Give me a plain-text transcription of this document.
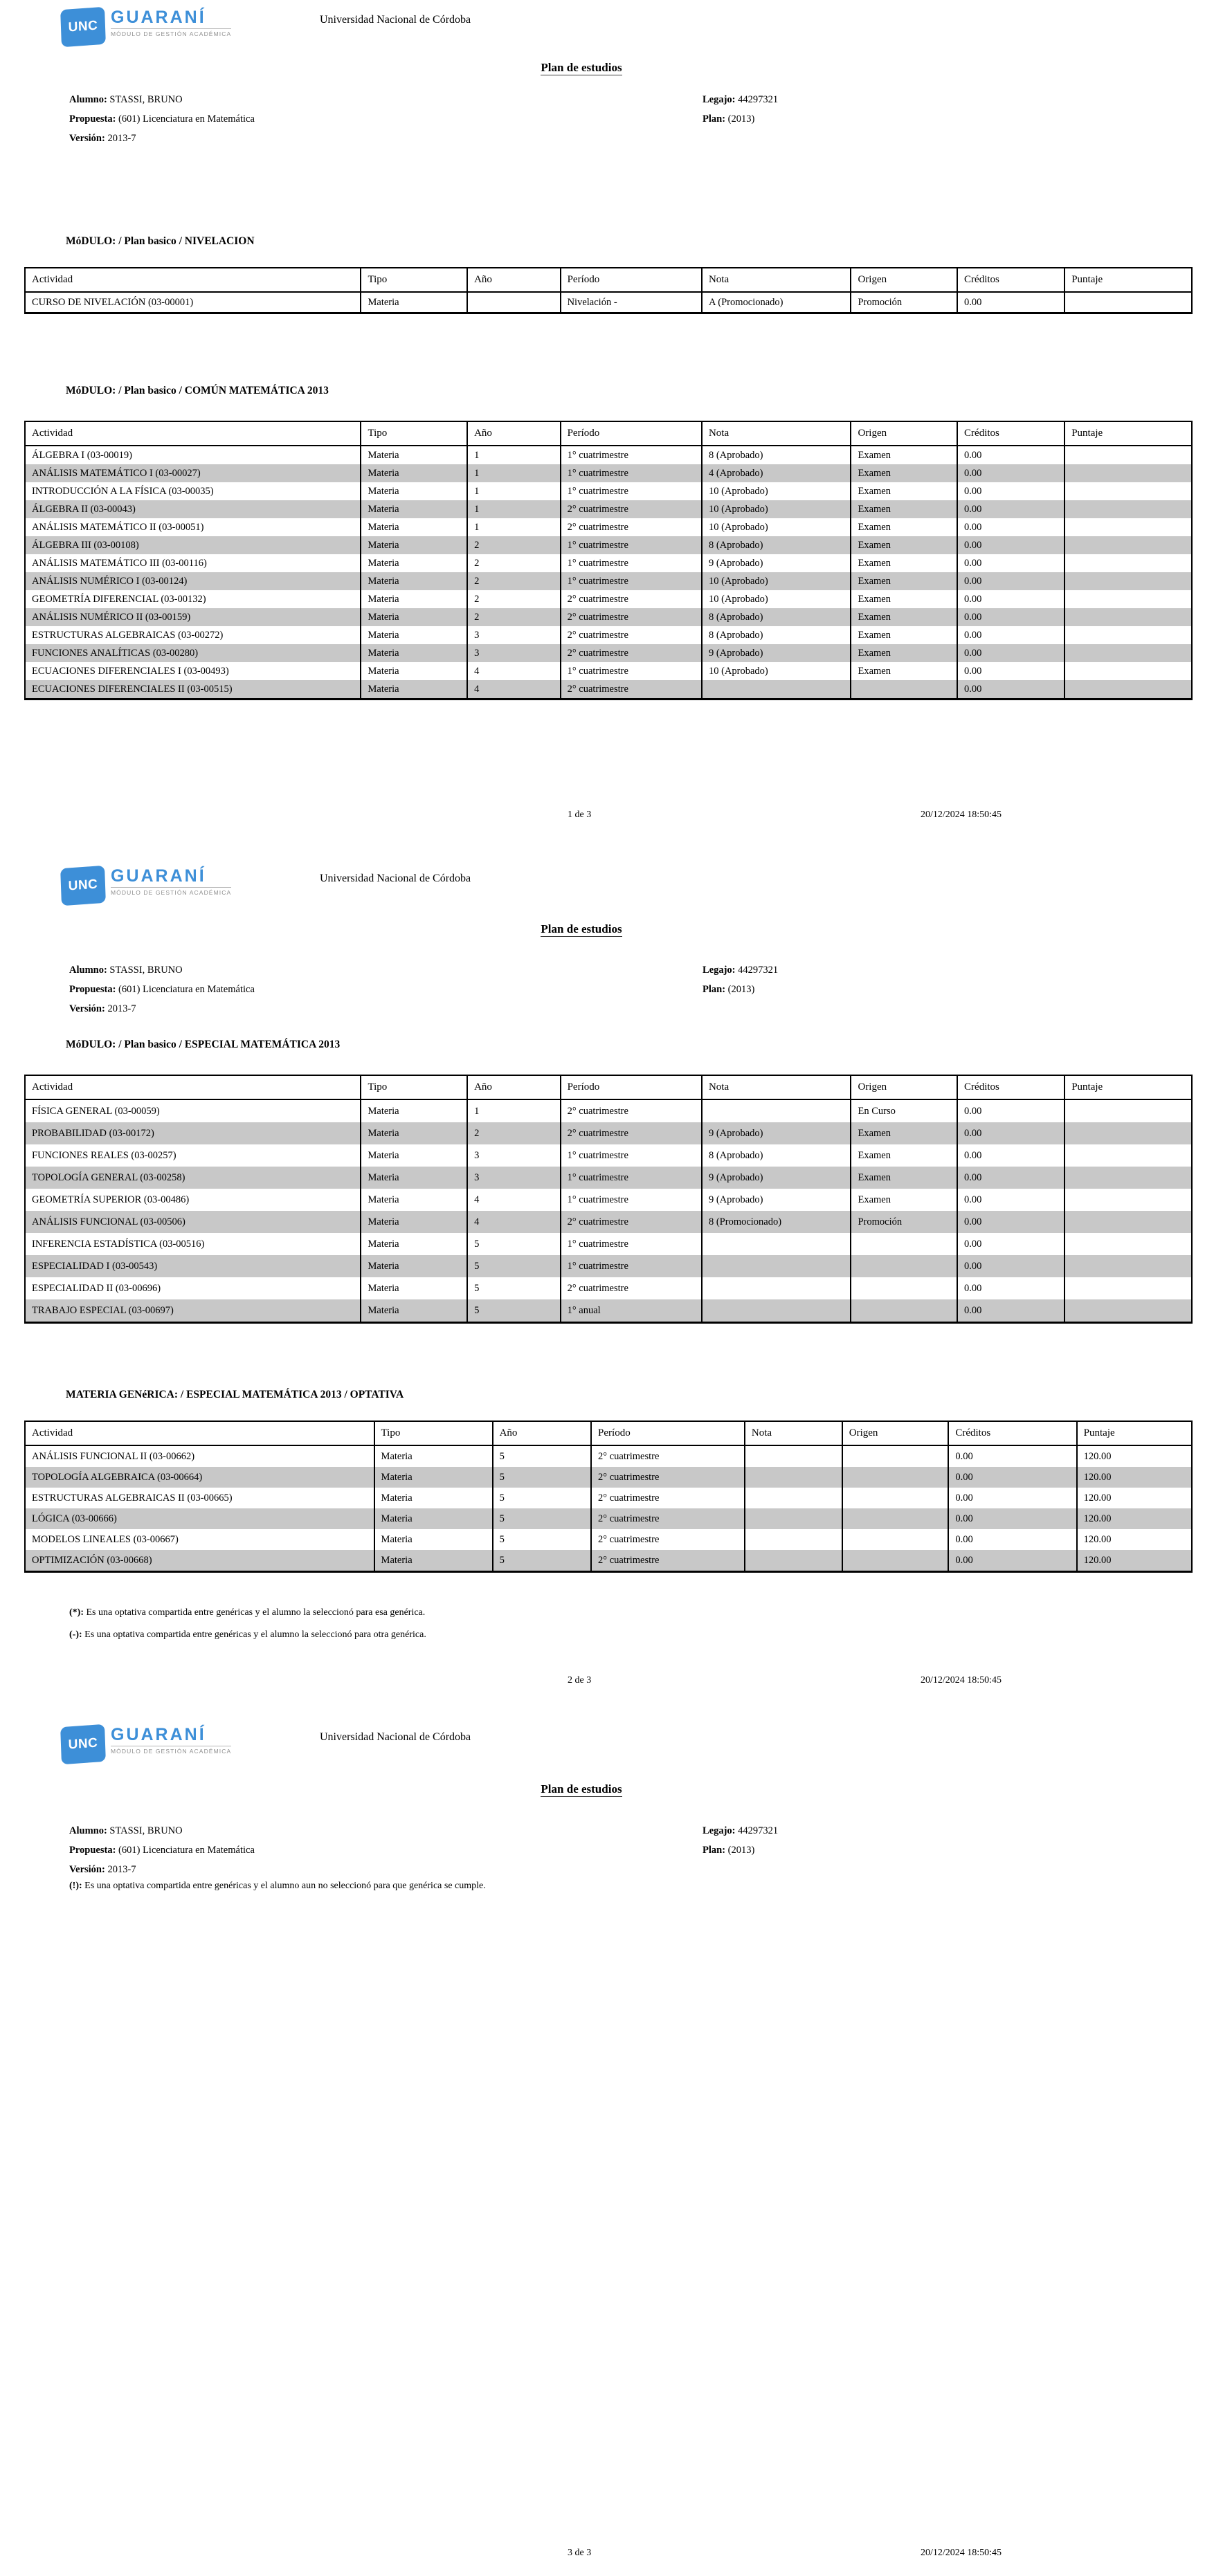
UNC GUARANÍ
MÓDULO DE GESTIÓN ACADÉMICA
Universidad Nacional de Córdoba
Plan de estudios
Alumno: STASSI, BRUNO	Legajo: 44297321
Propuesta: (601) Licenciatura en Matemática	Plan: (2013)
Versión: 2013-7
MóDULO: / Plan basico / NIVELACION
Actividad	Tipo	Año	Período	Nota	Origen	Créditos	Puntaje
CURSO DE NIVELACIÓN (03-00001)	Materia		Nivelación -	A (Promocionado)	Promoción	0.00	
MóDULO: / Plan basico / COMÚN MATEMÁTICA 2013
Actividad	Tipo	Año	Período	Nota	Origen	Créditos	Puntaje
ÁLGEBRA I (03-00019)	Materia	1	1° cuatrimestre	8 (Aprobado)	Examen	0.00	
ANÁLISIS MATEMÁTICO I (03-00027)	Materia	1	1° cuatrimestre	4 (Aprobado)	Examen	0.00	
INTRODUCCIÓN A LA FÍSICA (03-00035)	Materia	1	1° cuatrimestre	10 (Aprobado)	Examen	0.00	
ÁLGEBRA II (03-00043)	Materia	1	2° cuatrimestre	10 (Aprobado)	Examen	0.00	
ANÁLISIS MATEMÁTICO II (03-00051)	Materia	1	2° cuatrimestre	10 (Aprobado)	Examen	0.00	
ÁLGEBRA III (03-00108)	Materia	2	1° cuatrimestre	8 (Aprobado)	Examen	0.00	
ANÁLISIS MATEMÁTICO III (03-00116)	Materia	2	1° cuatrimestre	9 (Aprobado)	Examen	0.00	
ANÁLISIS NUMÉRICO I (03-00124)	Materia	2	1° cuatrimestre	10 (Aprobado)	Examen	0.00	
GEOMETRÍA DIFERENCIAL (03-00132)	Materia	2	2° cuatrimestre	10 (Aprobado)	Examen	0.00	
ANÁLISIS NUMÉRICO II (03-00159)	Materia	2	2° cuatrimestre	8 (Aprobado)	Examen	0.00	
ESTRUCTURAS ALGEBRAICAS (03-00272)	Materia	3	2° cuatrimestre	8 (Aprobado)	Examen	0.00	
FUNCIONES ANALÍTICAS (03-00280)	Materia	3	2° cuatrimestre	9 (Aprobado)	Examen	0.00	
ECUACIONES DIFERENCIALES I (03-00493)	Materia	4	1° cuatrimestre	10 (Aprobado)	Examen	0.00	
ECUACIONES DIFERENCIALES II (03-00515)	Materia	4	2° cuatrimestre			0.00	
1 de 3	20/12/2024 18:50:45
UNC GUARANÍ
MÓDULO DE GESTIÓN ACADÉMICA
Universidad Nacional de Córdoba
Plan de estudios
Alumno: STASSI, BRUNO	Legajo: 44297321
Propuesta: (601) Licenciatura en Matemática	Plan: (2013)
Versión: 2013-7
MóDULO: / Plan basico / ESPECIAL MATEMÁTICA 2013
Actividad	Tipo	Año	Período	Nota	Origen	Créditos	Puntaje
FÍSICA GENERAL (03-00059)	Materia	1	2° cuatrimestre		En Curso	0.00	
PROBABILIDAD (03-00172)	Materia	2	2° cuatrimestre	9 (Aprobado)	Examen	0.00	
FUNCIONES REALES (03-00257)	Materia	3	1° cuatrimestre	8 (Aprobado)	Examen	0.00	
TOPOLOGÍA GENERAL (03-00258)	Materia	3	1° cuatrimestre	9 (Aprobado)	Examen	0.00	
GEOMETRÍA SUPERIOR (03-00486)	Materia	4	1° cuatrimestre	9 (Aprobado)	Examen	0.00	
ANÁLISIS FUNCIONAL (03-00506)	Materia	4	2° cuatrimestre	8 (Promocionado)	Promoción	0.00	
INFERENCIA ESTADÍSTICA (03-00516)	Materia	5	1° cuatrimestre			0.00	
ESPECIALIDAD I (03-00543)	Materia	5	1° cuatrimestre			0.00	
ESPECIALIDAD II (03-00696)	Materia	5	2° cuatrimestre			0.00	
TRABAJO ESPECIAL (03-00697)	Materia	5	1° anual			0.00	
MATERIA GENéRICA: / ESPECIAL MATEMÁTICA 2013 / OPTATIVA
Actividad	Tipo	Año	Período	Nota	Origen	Créditos	Puntaje
ANÁLISIS FUNCIONAL II (03-00662)	Materia	5	2° cuatrimestre			0.00	120.00
TOPOLOGÍA ALGEBRAICA (03-00664)	Materia	5	2° cuatrimestre			0.00	120.00
ESTRUCTURAS ALGEBRAICAS II (03-00665)	Materia	5	2° cuatrimestre			0.00	120.00
LÓGICA (03-00666)	Materia	5	2° cuatrimestre			0.00	120.00
MODELOS LINEALES (03-00667)	Materia	5	2° cuatrimestre			0.00	120.00
OPTIMIZACIÓN (03-00668)	Materia	5	2° cuatrimestre			0.00	120.00
(*): Es una optativa compartida entre genéricas y el alumno la seleccionó para esa genérica.
(-): Es una optativa compartida entre genéricas y el alumno la seleccionó para otra genérica.
2 de 3	20/12/2024 18:50:45
UNC GUARANÍ
MÓDULO DE GESTIÓN ACADÉMICA
Universidad Nacional de Córdoba
Plan de estudios
Alumno: STASSI, BRUNO	Legajo: 44297321
Propuesta: (601) Licenciatura en Matemática	Plan: (2013)
Versión: 2013-7
(!): Es una optativa compartida entre genéricas y el alumno aun no seleccionó para que genérica se cumple.
3 de 3	20/12/2024 18:50:45
